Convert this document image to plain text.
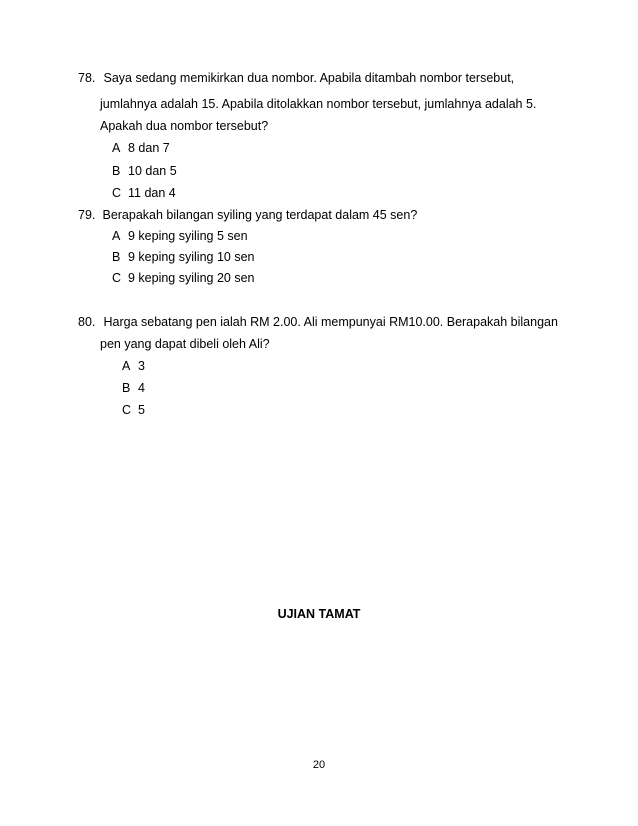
78. Saya sedang memikirkan dua nombor. Apabila ditambah nombor tersebut,
jumlahnya adalah 15. Apabila ditolakkan nombor tersebut, jumlahnya adalah 5.
Apakah dua nombor tersebut?
A 8 dan 7
B 10 dan 5
C 11 dan 4
79. Berapakah bilangan syiling yang terdapat dalam 45 sen?
A 9 keping syiling 5 sen
B 9 keping syiling 10 sen
C 9 keping syiling 20 sen
80. Harga sebatang pen ialah RM 2.00. Ali mempunyai RM10.00. Berapakah bilangan
pen yang dapat dibeli oleh Ali?
A 3
B 4
C 5
UJIAN TAMAT
20
